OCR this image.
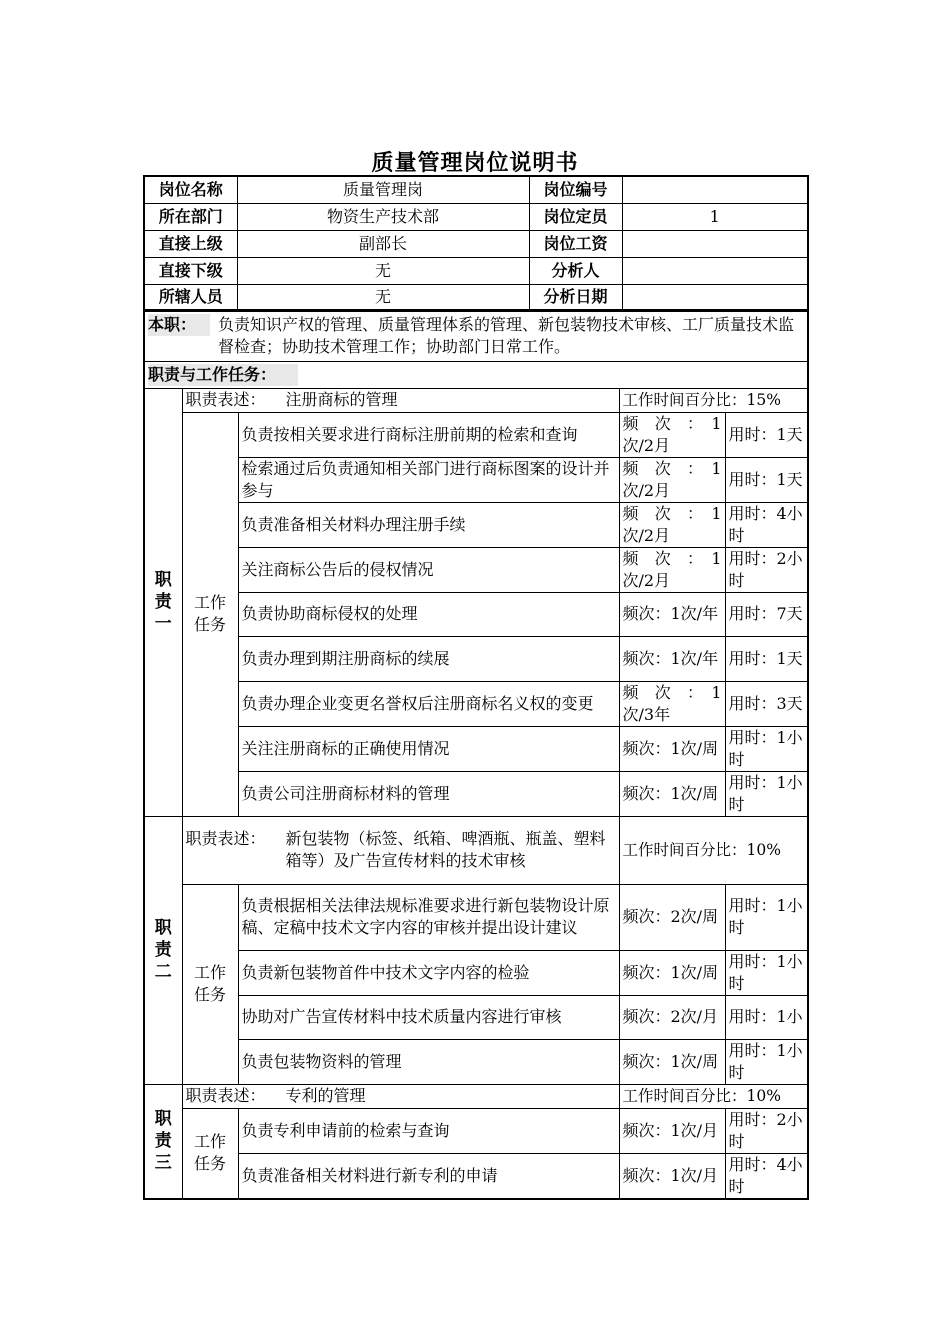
质量管理岗位说明书
岗位名称	质量管理岗	岗位编号	
所在部门	物资生产技术部	岗位定员	1
直接上级	副部长	岗位工资	
直接下级	无	分析人	
所辖人员	无	分析日期	
本职： 负责知识产权的管理、质量管理体系的管理、新包装物技术审核、工厂质量技术监督检查；协助技术管理工作；协助部门日常工作。				

职责与工作任务：				

职责一	职责表述： 注册商标的管理		工作时间百分比：15%	

	工作任务	负责按相关要求进行商标注册前期的检索和查询	频　次　：　1次/2月	用时：1天
		检索通过后负责通知相关部门进行商标图案的设计并参与	频　次　：　1次/2月	用时：1天
		负责准备相关材料办理注册手续	频　次　：　1次/2月	用时：4小时
		关注商标公告后的侵权情况	频　次　：　1次/2月	用时：2小时
		负责协助商标侵权的处理	频次：1次/年	用时：7天
		负责办理到期注册商标的续展	频次：1次/年	用时：1天
		负责办理企业变更名誉权后注册商标名义权的变更	频　次　：　1次/3年	用时：3天
		关注注册商标的正确使用情况	频次：1次/周	用时：1小时
		负责公司注册商标材料的管理	频次：1次/周	用时：1小时

职责二	职责表述： 新包装物（标签、纸箱、啤酒瓶、瓶盖、塑料箱等）及广告宣传材料的技术审核		工作时间百分比：10%	

	工作任务	负责根据相关法律法规标准要求进行新包装物设计原稿、定稿中技术文字内容的审核并提出设计建议	频次：2次/周	用时：1小时
		负责新包装物首件中技术文字内容的检验	频次：1次/周	用时：1小时
		协助对广告宣传材料中技术质量内容进行审核	频次：2次/月	用时：1小
		负责包装物资料的管理	频次：1次/周	用时：1小时

职责三	职责表述： 专利的管理		工作时间百分比：10%	

	工作任务	负责专利申请前的检索与查询	频次：1次/月	用时：2小时
		负责准备相关材料进行新专利的申请	频次：1次/月	用时：4小时
